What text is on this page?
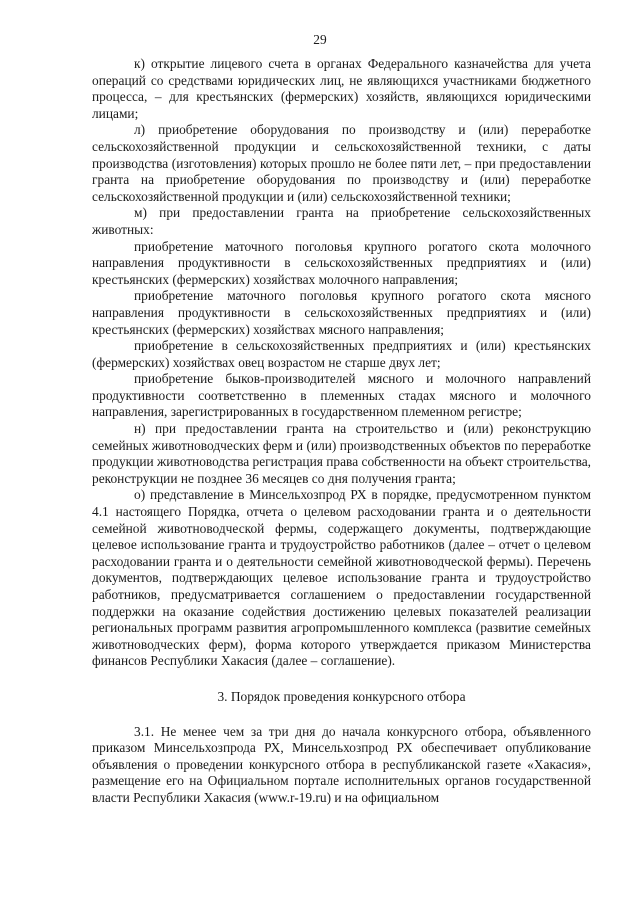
29

к) открытие лицевого счета в органах Федерального казначейства для учета операций со средствами юридических лиц, не являющихся участниками бюджетного процесса, – для крестьянских (фермерских) хозяйств, являющихся юридическими лицами;

л) приобретение оборудования по производству и (или) переработке сельскохозяйственной продукции и сельскохозяйственной техники, с даты производства (изготовления) которых прошло не более пяти лет, – при предоставлении гранта на приобретение оборудования по производству и (или) переработке сельскохозяйственной продукции и (или) сельскохозяйственной техники;

м) при предоставлении гранта на приобретение сельскохозяйственных животных:

приобретение маточного поголовья крупного рогатого скота молочного направления продуктивности в сельскохозяйственных предприятиях и (или) крестьянских (фермерских) хозяйствах молочного направления;

приобретение маточного поголовья крупного рогатого скота мясного направления продуктивности в сельскохозяйственных предприятиях и (или) крестьянских (фермерских) хозяйствах мясного направления;

приобретение в сельскохозяйственных предприятиях и (или) крестьянских (фермерских) хозяйствах овец возрастом не старше двух лет;

приобретение быков-производителей мясного и молочного направлений продуктивности соответственно в племенных стадах мясного и молочного направления, зарегистрированных в государственном племенном регистре;

н) при предоставлении гранта на строительство и (или) реконструкцию семейных животноводческих ферм и (или) производственных объектов по переработке продукции животноводства регистрация права собственности на объект строительства, реконструкции не позднее 36 месяцев со дня получения гранта;

о) представление в Минсельхозпрод РХ в порядке, предусмотренном пунктом 4.1 настоящего Порядка, отчета о целевом расходовании гранта и о деятельности семейной животноводческой фермы, содержащего документы, подтверждающие целевое использование гранта и трудоустройство работников (далее – отчет о целевом расходовании гранта и о деятельности семейной животноводческой фермы). Перечень документов, подтверждающих целевое использование гранта и трудоустройство работников, предусматривается соглашением о предоставлении государственной поддержки на оказание содействия достижению целевых показателей реализации региональных программ развития агропромышленного комплекса (развитие семейных животноводческих ферм), форма которого утверждается приказом Министерства финансов Республики Хакасия (далее – соглашение).

3. Порядок проведения конкурсного отбора

3.1. Не менее чем за три дня до начала конкурсного отбора, объявленного приказом Минсельхозпрода РХ, Минсельхозпрод РХ обеспечивает опубликование объявления о проведении конкурсного отбора в республиканской газете «Хакасия», размещение его на Официальном портале исполнительных органов государственной власти Республики Хакасия (www.r-19.ru) и на официальном
